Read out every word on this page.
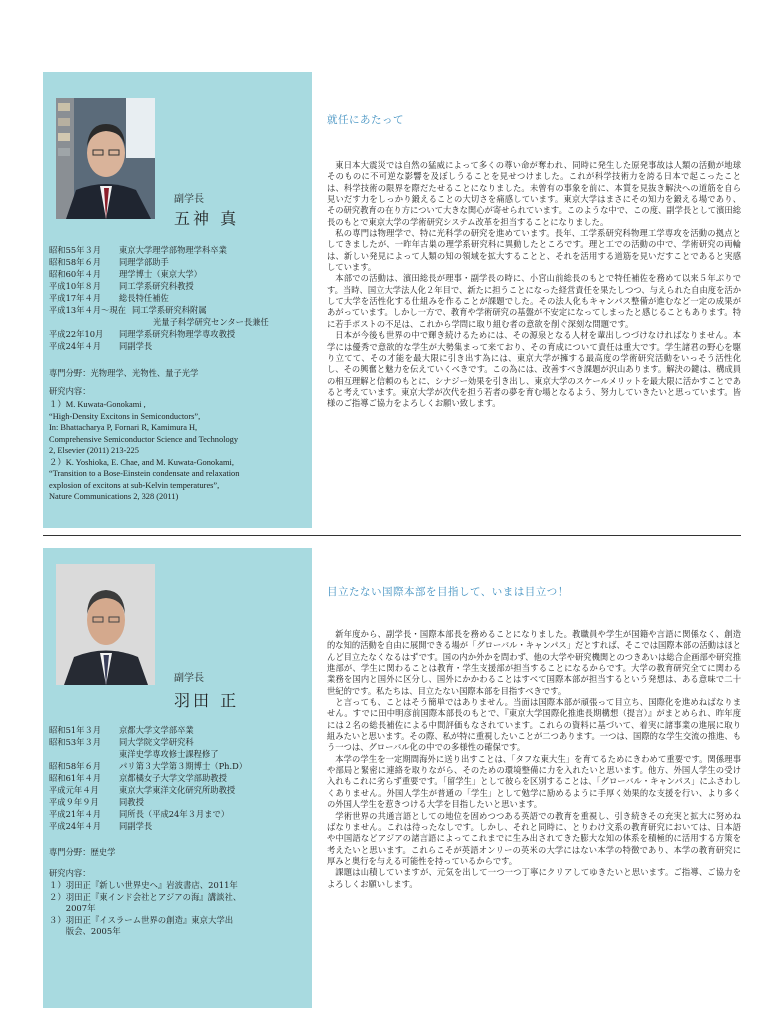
副学長
五神 真
昭和55年３月	東京大学理学部物理学科卒業
昭和58年６月	同理学部助手
昭和60年４月	理学博士（東京大学）
平成10年８月	同工学系研究科教授
平成17年４月	総長特任補佐
平成13年４月～現在 同工学系研究科附属
光量子科学研究センター長兼任
平成22年10月	同理学系研究科物理学専攻教授
平成24年４月	同副学長
専門分野：光物理学、光物性、量子光学
研究内容：
１）M. Kuwata-Gonokami ,
“High-Density Excitons in Semiconductors”,
In: Bhattacharya P, Fornari R, Kamimura H,
Comprehensive Semiconductor Science and Technology
2, Elsevier (2011) 213-225
２）K. Yoshioka, E. Chae, and M. Kuwata-Gonokami,
“Transition to a Bose-Einstein condensate and relaxation
explosion of excitons at sub-Kelvin temperatures”,
Nature Communications 2, 328 (2011)
就任にあたって

東日本大震災では自然の猛威によって多くの尊い命が奪われ、同時に発生した原発事故は人類の活動が地球そのものに不可逆な影響を及ぼしうることを見せつけました。これが科学技術力を誇る日本で起こったことは、科学技術の限界を際だたせることになりました。未曾有の事象を前に、本質を見抜き解決への道筋を自ら見いだす力をしっかり鍛えることの大切さを痛感しています。東京大学はまさにその知力を鍛える場であり、その研究教育の在り方について大きな関心が寄せられています。このような中で、この度、副学長として濱田総長のもとで東京大学の学術研究システム改革を担当することになりました。

私の専門は物理学で、特に光科学の研究を進めています。長年、工学系研究科物理工学専攻を活動の拠点としてきましたが、一昨年古巣の理学系研究科に異動したところです。理と工での活動の中で、学術研究の両輪は、新しい発見によって人類の知の領域を拡大することと、それを活用する道筋を見いだすことであると実感しています。

本部での活動は、濱田総長が理事・副学長の時に、小宮山前総長のもとで特任補佐を務めて以来５年ぶりです。当時、国立大学法人化２年目で、新たに担うことになった経営責任を果たしつつ、与えられた自由度を活かして大学を活性化する仕組みを作ることが課題でした。その法人化もキャンパス整備が進むなど一定の成果があがっています。しかし一方で、教育や学術研究の基盤が不安定になってしまったと感じることもあります。特に若手ポストの不足は、これから学問に取り組む者の意欲を削ぐ深刻な問題です。

日本が今後も世界の中で輝き続けるためには、その源泉となる人材を輩出しつづけなければなりません。本学には優秀で意欲的な学生が大勢集まって来ており、その育成について責任は重大です。学生諸君の野心を駆り立てて、その才能を最大限に引き出す為には、東京大学が擁する最高度の学術研究活動をいっそう活性化し、その興奮と魅力を伝えていくべきです。この為には、改善すべき課題が沢山あります。解決の鍵は、構成員の相互理解と信頼のもとに、シナジー効果を引き出し、東京大学のスケールメリットを最大限に活かすことであると考えています。東京大学が次代を担う若者の夢を育む場となるよう、努力していきたいと思っています。皆様のご指導ご協力をよろしくお願い致します。

副学長
羽田 正
昭和51年３月	京都大学文学部卒業
昭和53年３月	同大学院文学研究科
東洋史学専攻修士課程修了
昭和58年６月	パリ第３大学第３期博士（Ph.D）
昭和61年４月	京都橘女子大学文学部助教授
平成元年４月	東京大学東洋文化研究所助教授
平成９年９月	同教授
平成21年４月	同所長（平成24年３月まで）
平成24年４月	同副学長
専門分野：歴史学
研究内容：
１）羽田正『新しい世界史へ』岩波書店、2011年
２）羽田正『東インド会社とアジアの海』講談社、
　　2007年
３）羽田正『イスラーム世界の創造』東京大学出
　　版会、2005年
目立たない国際本部を目指して、いまは目立つ！

新年度から、副学長・国際本部長を務めることになりました。教職員や学生が国籍や言語に関係なく、創造的な知的活動を自由に展開できる場が「グローバル・キャンパス」だとすれば、そこでは国際本部の活動はほとんど目立たなくなるはずです。国の内か外かを問わず、他の大学や研究機関とのつきあいは総合企画部や研究推進部が、学生に関わることは教育・学生支援部が担当することになるからです。大学の教育研究全てに関わる業務を国内と国外に区分し、国外にかかわることはすべて国際本部が担当するという発想は、ある意味で二十世紀的です。私たちは、目立たない国際本部を目指すべきです。

と言っても、ことはそう簡単ではありません。当面は国際本部が頑張って目立ち、国際化を進めねばなりません。すでに田中明彦前国際本部長のもとで、『東京大学国際化推進長期構想（提言）』がまとめられ、昨年度には２名の総長補佐による中間評価もなされています。これらの資料に基づいて、着実に諸事業の進展に取り組みたいと思います。その際、私が特に重視したいことが二つあります。一つは、国際的な学生交流の推進、もう一つは、グローバル化の中での多様性の確保です。

本学の学生を一定期間海外に送り出すことは、「タフな東大生」を育てるためにきわめて重要です。関係理事や部局と緊密に連絡を取りながら、そのための環境整備に力を入れたいと思います。他方、外国人学生の受け入れもこれに劣らず重要です。「留学生」として彼らを区別することは、「グローバル・キャンパス」にふさわしくありません。外国人学生が普通の「学生」として勉学に励めるように手厚く効果的な支援を行い、より多くの外国人学生を惹きつける大学を目指したいと思います。

学術世界の共通言語としての地位を固めつつある英語での教育を重視し、引き続きその充実と拡大に努めねばなりません。これは待ったなしです。しかし、それと同時に、とりわけ文系の教育研究においては、日本語や中国語などアジアの諸言語によってこれまでに生み出されてきた膨大な知の体系を積極的に活用する方策を考えたいと思います。これらこそが英語オンリーの英米の大学にはない本学の特徴であり、本学の教育研究に厚みと奥行を与える可能性を持っているからです。

課題は山積していますが、元気を出して一つ一つ丁寧にクリアしてゆきたいと思います。ご指導、ご協力をよろしくお願いします。
